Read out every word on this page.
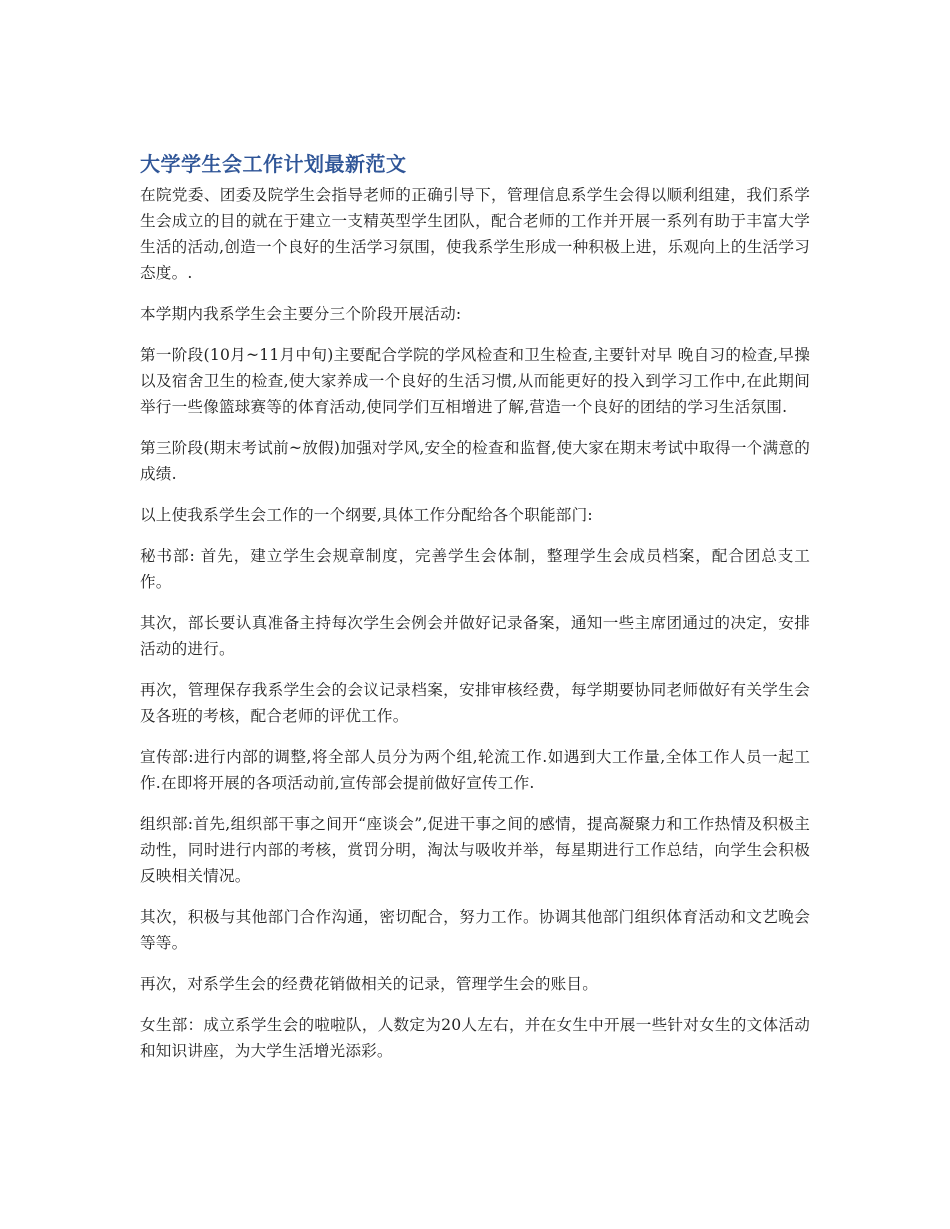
大学学生会工作计划最新范文

在院党委、团委及院学生会指导老师的正确引导下，管理信息系学生会得以顺利组建，我们系学生会成立的目的就在于建立一支精英型学生团队，配合老师的工作并开展一系列有助于丰富大学生活的活动,创造一个良好的生活学习氛围，使我系学生形成一种积极上进，乐观向上的生活学习态度。.

本学期内我系学生会主要分三个阶段开展活动:

第一阶段(10月~11月中旬)主要配合学院的学风检查和卫生检查,主要针对早 晚自习的检查,早操以及宿舍卫生的检查,使大家养成一个良好的生活习惯,从而能更好的投入到学习工作中,在此期间举行一些像篮球赛等的体育活动,使同学们互相增进了解,营造一个良好的团结的学习生活氛围.

第三阶段(期末考试前~放假)加强对学风,安全的检查和监督,使大家在期末考试中取得一个满意的成绩.

以上使我系学生会工作的一个纲要,具体工作分配给各个职能部门:

秘书部: 首先，建立学生会规章制度，完善学生会体制，整理学生会成员档案，配合团总支工作。

其次，部长要认真准备主持每次学生会例会并做好记录备案，通知一些主席团通过的决定，安排活动的进行。

再次，管理保存我系学生会的会议记录档案，安排审核经费，每学期要协同老师做好有关学生会及各班的考核，配合老师的评优工作。

宣传部:进行内部的调整,将全部人员分为两个组,轮流工作.如遇到大工作量,全体工作人员一起工作.在即将开展的各项活动前,宣传部会提前做好宣传工作.

组织部:首先,组织部干事之间开“座谈会”,促进干事之间的感情，提高凝聚力和工作热情及积极主动性，同时进行内部的考核，赏罚分明，淘汰与吸收并举，每星期进行工作总结，向学生会积极反映相关情况。

其次，积极与其他部门合作沟通，密切配合，努力工作。协调其他部门组织体育活动和文艺晚会等等。

再次，对系学生会的经费花销做相关的记录，管理学生会的账目。

女生部：成立系学生会的啦啦队，人数定为20人左右，并在女生中开展一些针对女生的文体活动和知识讲座，为大学生活增光添彩。
